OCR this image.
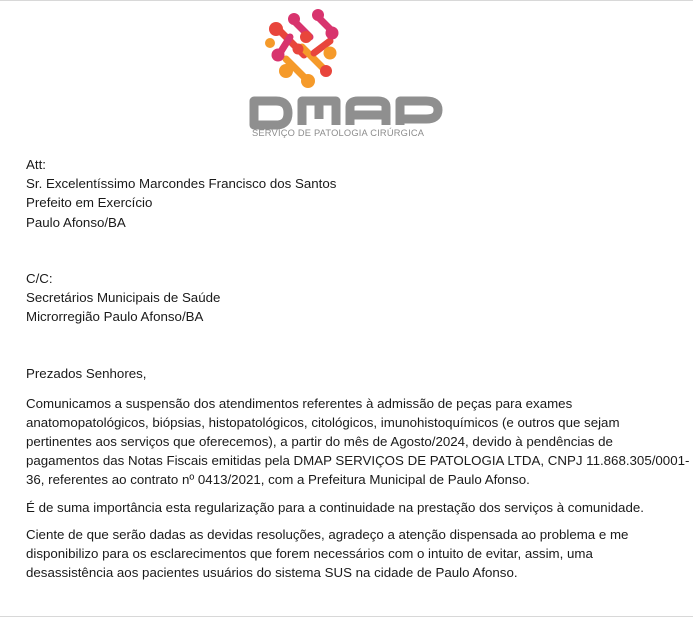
SERVIÇO DE PATOLOGIA CIRÚRGICA
Att:
Sr. Excelentíssimo Marcondes Francisco dos Santos
Prefeito em Exercício
Paulo Afonso/BA
C/C:
Secretários Municipais de Saúde
Microrregião Paulo Afonso/BA
Prezados Senhores,
Comunicamos a suspensão dos atendimentos referentes à admissão de peças para exames
anatomopatológicos, biópsias, histopatológicos, citológicos, imunohistoquímicos (e outros que sejam
pertinentes aos serviços que oferecemos), a partir do mês de Agosto/2024, devido à pendências de
pagamentos das Notas Fiscais emitidas pela DMAP SERVIÇOS DE PATOLOGIA LTDA, CNPJ 11.868.305/0001-
36, referentes ao contrato nº 0413/2021, com a Prefeitura Municipal de Paulo Afonso.
É de suma importância esta regularização para a continuidade na prestação dos serviços à comunidade.
Ciente de que serão dadas as devidas resoluções, agradeço a atenção dispensada ao problema e me
disponibilizo para os esclarecimentos que forem necessários com o intuito de evitar, assim, uma
desassistência aos pacientes usuários do sistema SUS na cidade de Paulo Afonso.
